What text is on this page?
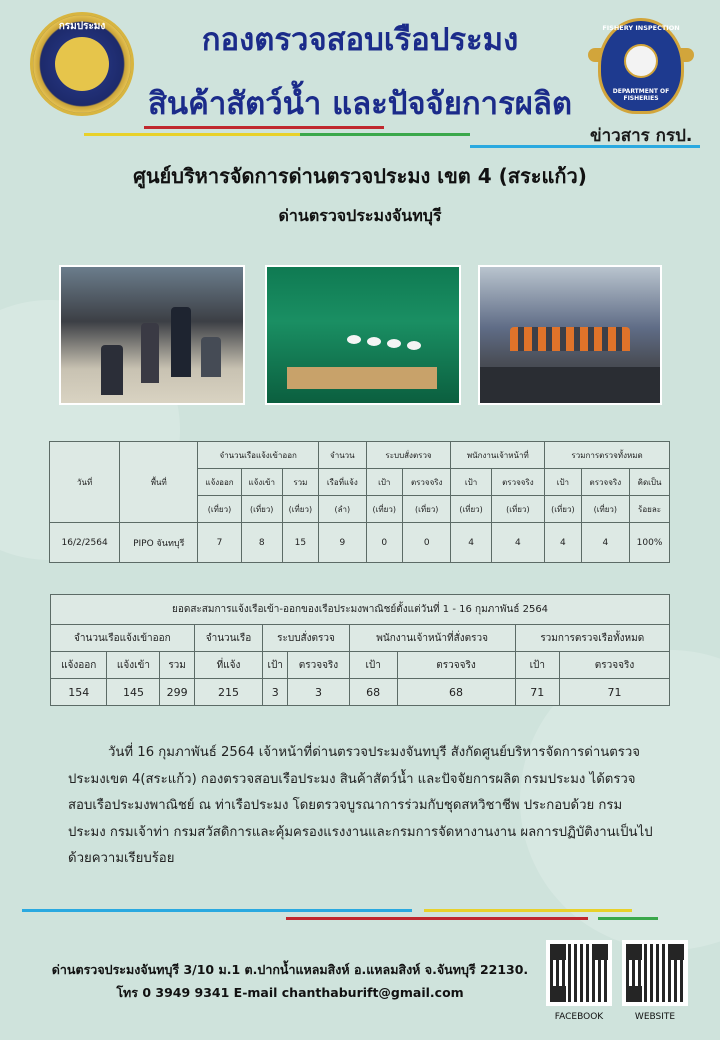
กรมประมง	กองตรวจสอบเรือประมง
สินค้าสัตว์น้ำ และปัจจัยการผลิต
FISHERY INSPECTION
DEPARTMENT OF FISHERIES
ข่าวสาร กรป.
ศูนย์บริหารจัดการด่านตรวจประมง เขต 4 (สระแก้ว)
ด่านตรวจประมงจันทบุรี
วันที่	พื้นที่	จำนวนเรือแจ้งเข้าออก			จำนวน	ระบบสั่งตรวจ		พนักงานเจ้าหน้าที่		รวมการตรวจทั้งหมด		
		แจ้งออก	แจ้งเข้า	รวม	เรือที่แจ้ง	เป้า	ตรวจจริง	เป้า	ตรวจจริง	เป้า	ตรวจจริง	คิดเป็น
		(เที่ยว)	(เที่ยว)	(เที่ยว)	(ลำ)	(เที่ยว)	(เที่ยว)	(เที่ยว)	(เที่ยว)	(เที่ยว)	(เที่ยว)	ร้อยละ
16/2/2564	PIPO จันทบุรี	7	8	15	9	0	0	4	4	4	4	100%
ยอดสะสมการแจ้งเรือเข้า-ออกของเรือประมงพาณิชย์ตั้งแต่วันที่ 1 - 16 กุมภาพันธ์ 2564									
จำนวนเรือแจ้งเข้าออก			จำนวนเรือ	ระบบสั่งตรวจ		พนักงานเจ้าหน้าที่สั่งตรวจ		รวมการตรวจเรือทั้งหมด	
แจ้งออก	แจ้งเข้า	รวม	ที่แจ้ง	เป้า	ตรวจจริง	เป้า	ตรวจจริง	เป้า	ตรวจจริง
154	145	299	215	3	3	68	68	71	71
วันที่ 16 กุมภาพันธ์ 2564 เจ้าหน้าที่ด่านตรวจประมงจันทบุรี สังกัดศูนย์บริหารจัดการด่านตรวจประมงเขต 4(สระแก้ว) กองตรวจสอบเรือประมง สินค้าสัตว์น้ำ และปัจจัยการผลิต กรมประมง ได้ตรวจสอบเรือประมงพาณิชย์ ณ ท่าเรือประมง โดยตรวจบูรณาการร่วมกับชุดสหวิชาชีพ ประกอบด้วย กรมประมง กรมเจ้าท่า กรมสวัสดิการและคุ้มครองแรงงานและกรมการจัดหางานงาน ผลการปฏิบัติงานเป็นไปด้วยความเรียบร้อย
ด่านตรวจประมงจันทบุรี 3/10 ม.1 ต.ปากน้ำแหลมสิงห์ อ.แหลมสิงห์ จ.จันทบุรี 22130.
โทร 0 3949 9341 E-mail chanthaburift@gmail.com
FACEBOOK	WEBSITE
